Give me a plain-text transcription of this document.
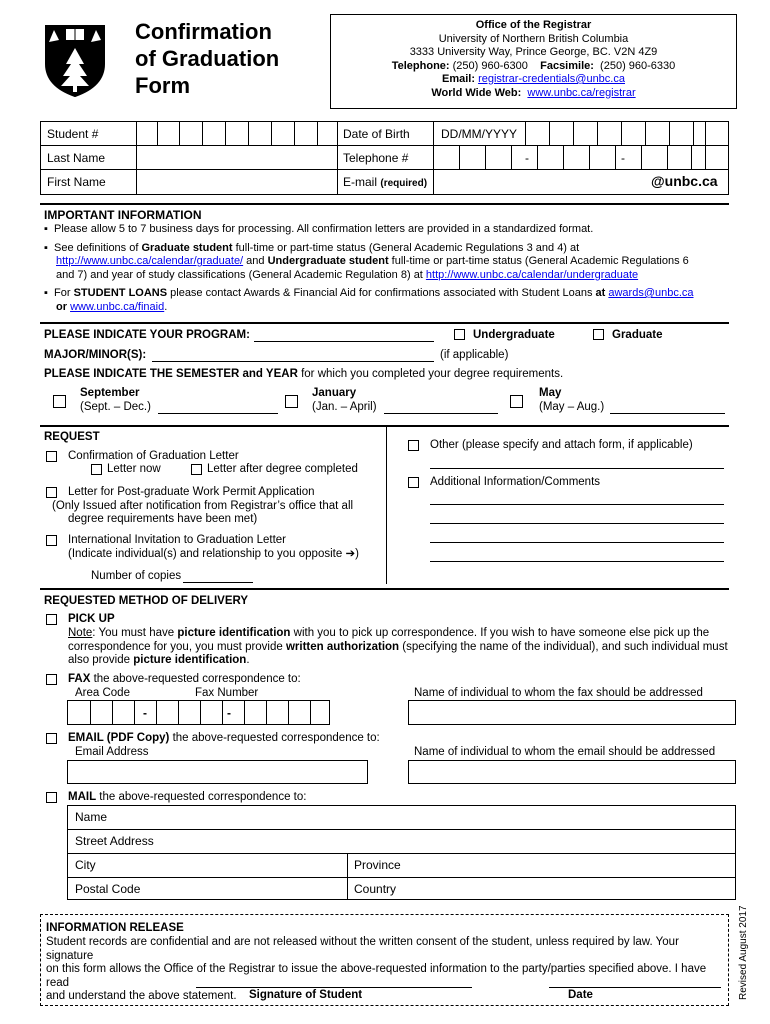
Confirmation
of Graduation
Form
Office of the Registrar
University of Northern British Columbia
3333 University Way, Prince George, BC. V2N 4Z9
Telephone: (250) 960-6300 Facsimile: (250) 960-6330
Email: registrar-credentials@unbc.ca
World Wide Web: www.unbc.ca/registrar
Student #	Date of Birth	DD/MM/YYYY
Last Name	Telephone #	-	-
First Name	E-mail (required)	@unbc.ca
IMPORTANT INFORMATION
▪  Please allow 5 to 7 business days for processing. All confirmation letters are provided in a standardized format.
▪  See definitions of Graduate student full-time or part-time status (General Academic Regulations 3 and 4) at
http://www.unbc.ca/calendar/graduate/ and Undergraduate student full-time or part-time status (General Academic Regulations 6
and 7) and year of study classifications (General Academic Regulation 8) at http://www.unbc.ca/calendar/undergraduate
▪  For STUDENT LOANS please contact Awards & Financial Aid for confirmations associated with Student Loans at awards@unbc.ca
or www.unbc.ca/finaid.
PLEASE INDICATE YOUR PROGRAM:	Undergraduate	Graduate
MAJOR/MINOR(S):	(if applicable)
PLEASE INDICATE THE SEMESTER and YEAR for which you completed your degree requirements.
September
(Sept. – Dec.)
January
(Jan. – April)
May
(May – Aug.)
REQUEST
Confirmation of Graduation Letter
Letter now	Letter after degree completed
Letter for Post-graduate Work Permit Application
(Only Issued after notification from Registrar’s office that all
degree requirements have been met)
International Invitation to Graduation Letter
(Indicate individual(s) and relationship to you opposite ➔)
Number of copies
Other (please specify and attach form, if applicable)
Additional Information/Comments
REQUESTED METHOD OF DELIVERY
PICK UP
Note: You must have picture identification with you to pick up correspondence. If you wish to have someone else pick up the
correspondence for you, you must provide written authorization (specifying the name of the individual), and such individual must
also provide picture identification.
FAX the above-requested correspondence to:
Area Code	Fax Number	Name of individual to whom the fax should be addressed
-	-
EMAIL (PDF Copy) the above-requested correspondence to:
Email Address	Name of individual to whom the email should be addressed
MAIL the above-requested correspondence to:
Name
Street Address
City	Province
Postal Code	Country
INFORMATION RELEASE
Student records are confidential and are not released without the written consent of the student, unless required by law. Your signature
on this form allows the Office of the Registrar to issue the above-requested information to the party/parties specified above. I have read
and understand the above statement.	Signature of Student	Date	Revised August 2017
